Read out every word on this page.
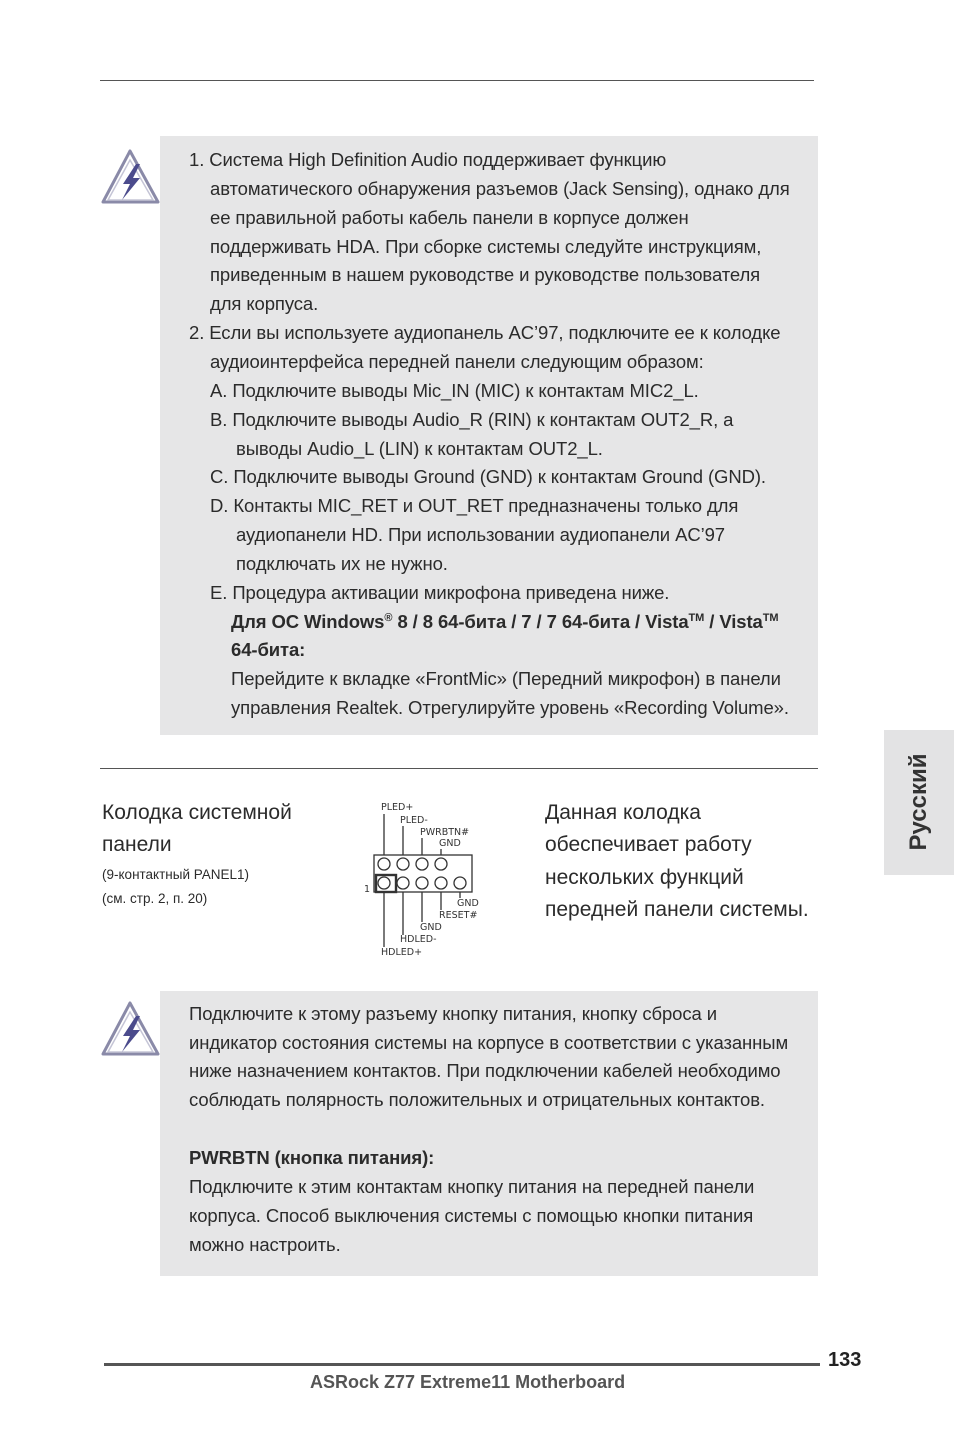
1. Система High Definition Audio поддерживает функцию
автоматического обнаружения разъемов (Jack Sensing), однако для
ее правильной работы кабель панели в корпусе должен
поддерживать HDA. При сборке системы следуйте инструкциям,
приведенным в нашем руководстве и руководстве пользователя
для корпуса.
2. Если вы используете аудиопанель AC’97, подключите ее к колодке
аудиоинтерфейса передней панели следующим образом:
A. Подключите выводы Mic_IN (MIC) к контактам MIC2_L.
B. Подключите выводы Audio_R (RIN) к контактам OUT2_R, а
выводы Audio_L (LIN) к контактам OUT2_L.
C. Подключите выводы Ground (GND) к контактам Ground (GND).
D. Контакты MIC_RET и OUT_RET предназначены только для
аудиопанели HD. При использовании аудиопанели AC’97
подключать их не нужно.
E. Процедура активации микрофона приведена ниже.
Для ОС Windows® 8 / 8 64-бита / 7 / 7 64-бита / Vista™ / Vista™
64-бита:
Перейдите к вкладке «FrontMic» (Передний микрофон) в панели
управления Realtek. Отрегулируйте уровень «Recording Volume».
Русский
Колодка системной
панели
(9-контактный PANEL1)
(см. стр. 2, п. 20)
Данная колодка
обеспечивает работу
нескольких функций
передней панели системы.
PLED+
PLED-
PWRBTN#
GND
1
GND
RESET#
GND
HDLED-
HDLED+
Подключите к этому разъему кнопку питания, кнопку сброса и
индикатор состояния системы на корпусе в соответствии с указанным
ниже назначением контактов. При подключении кабелей необходимо
соблюдать полярность положительных и отрицательных контактов.
PWRBTN (кнопка питания):
Подключите к этим контактам кнопку питания на передней панели
корпуса. Способ выключения системы с помощью кнопки питания
можно настроить.
133
ASRock Z77 Extreme11 Motherboard
